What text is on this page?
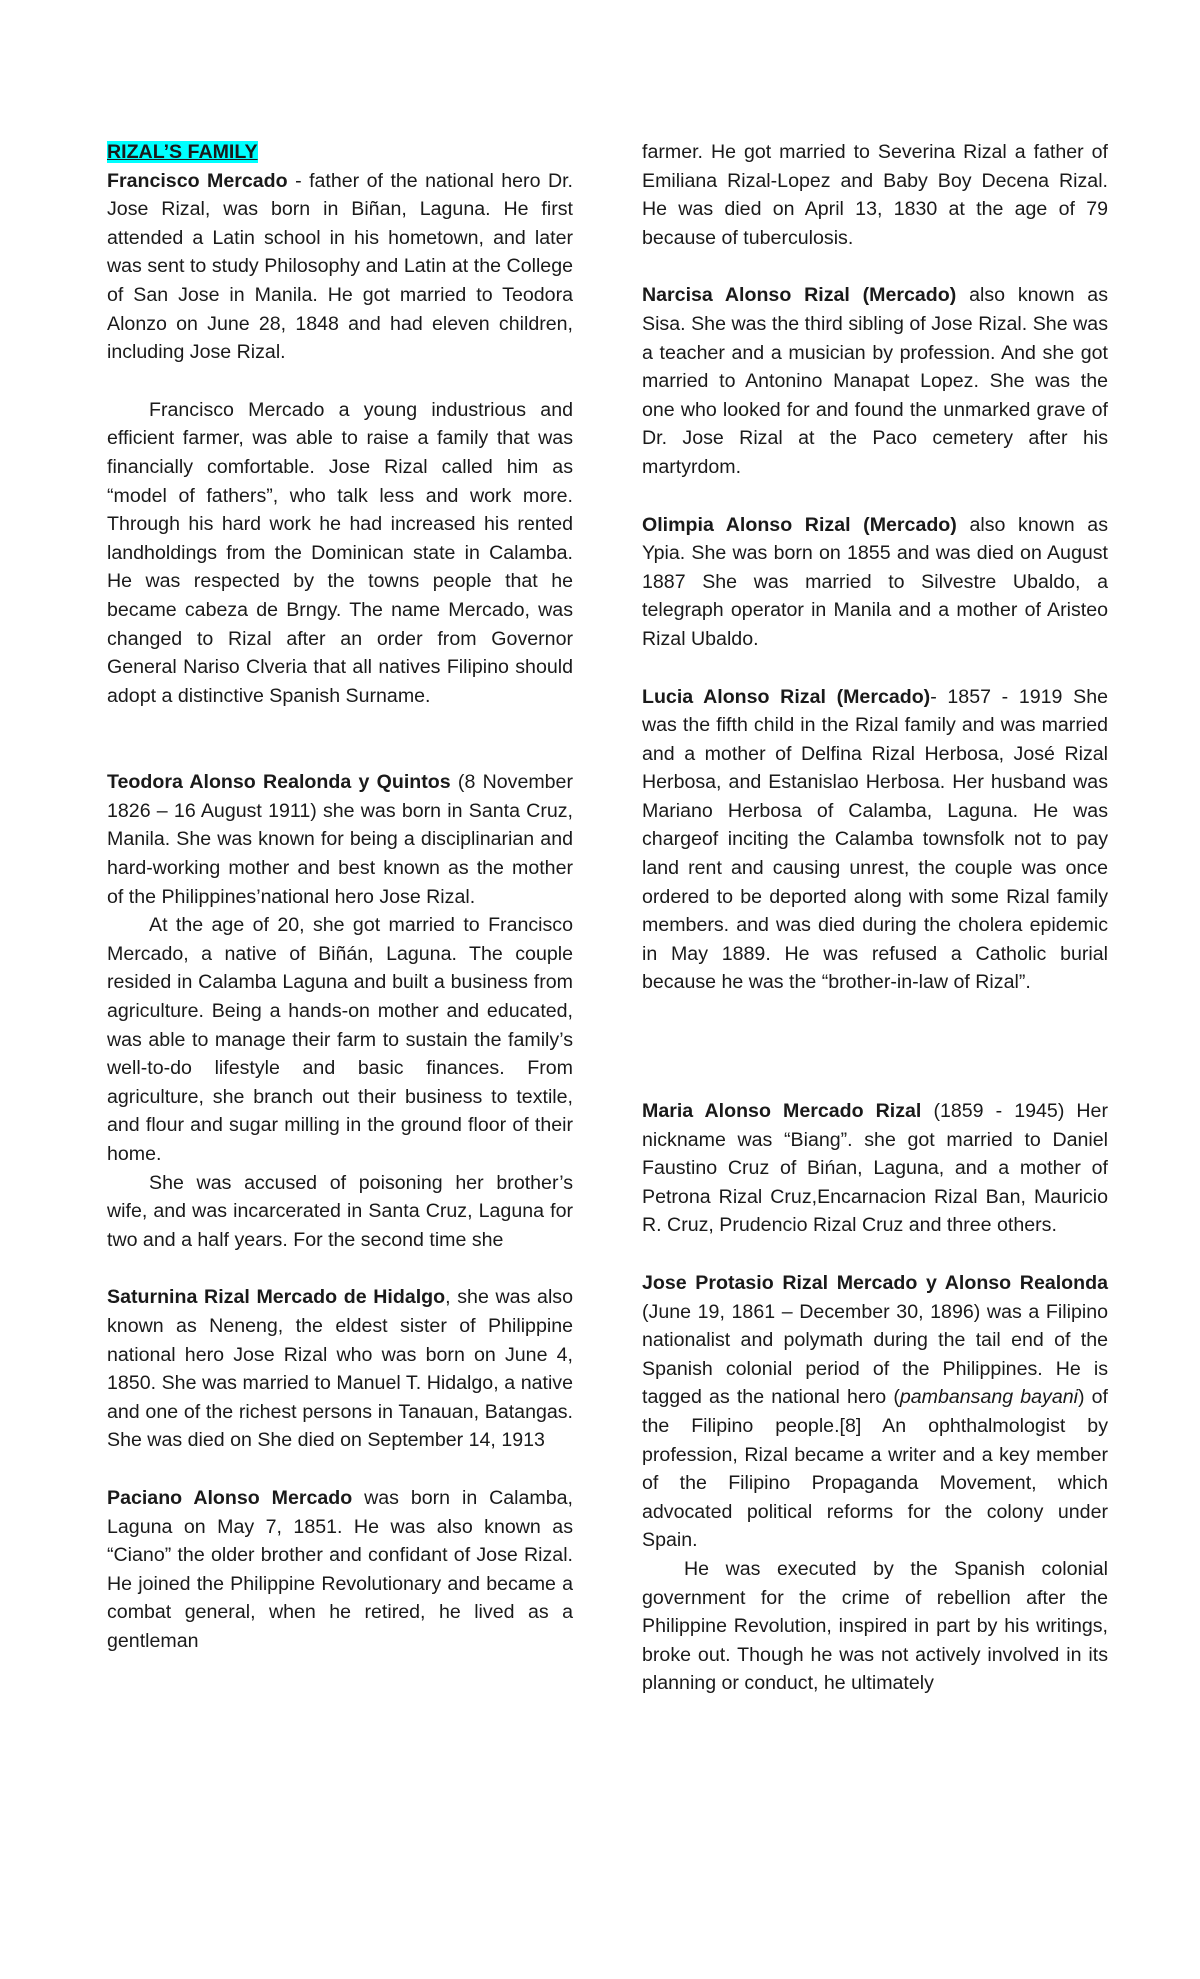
RIZAL’S FAMILY

Francisco Mercado - father of the national hero Dr. Jose Rizal, was born in Biñan, Laguna. He first attended a Latin school in his hometown, and later was sent to study Philosophy and Latin at the College of San Jose in Manila. He got married to Teodora Alonzo on June 28, 1848 and had eleven children, including Jose Rizal.

Francisco Mercado a young industrious and efficient farmer, was able to raise a family that was financially comfortable. Jose Rizal called him as “model of fathers”, who talk less and work more. Through his hard work he had increased his rented landholdings from the Dominican state in Calamba. He was respected by the towns people that he became cabeza de Brngy. The name Mercado, was changed to Rizal after an order from Governor General Nariso Clveria that all natives Filipino should adopt a distinctive Spanish Surname.

Teodora Alonso Realonda y Quintos (8 November 1826 – 16 August 1911) she was born in Santa Cruz, Manila. She was known for being a disciplinarian and hard-working mother and best known as the mother of the Philippines’national hero Jose Rizal.

At the age of 20, she got married to Francisco Mercado, a native of Biñán, Laguna. The couple resided in Calamba Laguna and built a business from agriculture. Being a hands-on mother and educated, was able to manage their farm to sustain the family’s well-to-do lifestyle and basic finances. From agriculture, she branch out their business to textile, and flour and sugar milling in the ground floor of their home.

She was accused of poisoning her brother’s wife, and was incarcerated in Santa Cruz, Laguna for two and a half years. For the second time she

Saturnina Rizal Mercado de Hidalgo, she was also known as Neneng, the eldest sister of Philippine national hero Jose Rizal who was born on June 4, 1850. She was married to Manuel T. Hidalgo, a native and one of the richest persons in Tanauan, Batangas. She was died on She died on September 14, 1913

Paciano Alonso Mercado was born in Calamba, Laguna on May 7, 1851. He was also known as “Ciano” the older brother and confidant of Jose Rizal. He joined the Philippine Revolutionary and became a combat general, when he retired, he lived as a gentleman

farmer. He got married to Severina Rizal a father of Emiliana Rizal-Lopez and Baby Boy Decena Rizal. He was died on April 13, 1830 at the age of 79 because of tuberculosis.

Narcisa Alonso Rizal (Mercado) also known as Sisa. She was the third sibling of Jose Rizal. She was a teacher and a musician by profession. And she got married to Antonino Manapat Lopez. She was the one who looked for and found the unmarked grave of Dr. Jose Rizal at the Paco cemetery after his martyrdom.

Olimpia Alonso Rizal (Mercado) also known as Ypia. She was born on 1855 and was died on August 1887 She was married to Silvestre Ubaldo, a telegraph operator in Manila and a mother of Aristeo Rizal Ubaldo.

Lucia Alonso Rizal (Mercado)- 1857 - 1919 She was the fifth child in the Rizal family and was married and a mother of Delfina Rizal Herbosa, José Rizal Herbosa, and Estanislao Herbosa. Her husband was Mariano Herbosa of Calamba, Laguna. He was chargeof inciting the Calamba townsfolk not to pay land rent and causing unrest, the couple was once ordered to be deported along with some Rizal family members. and was died during the cholera epidemic in May 1889. He was refused a Catholic burial because he was the “brother-in-law of Rizal”.

Maria Alonso Mercado Rizal (1859 - 1945) Her nickname was “Biang”. she got married to Daniel Faustino Cruz of Bińan, Laguna, and a mother of Petrona Rizal Cruz,Encarnacion Rizal Ban, Mauricio R. Cruz, Prudencio Rizal Cruz and three others.

Jose Protasio Rizal Mercado y Alonso Realonda (June 19, 1861 – December 30, 1896) was a Filipino nationalist and polymath during the tail end of the Spanish colonial period of the Philippines. He is tagged as the national hero (pambansang bayani) of the Filipino people.[8] An ophthalmologist by profession, Rizal became a writer and a key member of the Filipino Propaganda Movement, which advocated political reforms for the colony under Spain.

He was executed by the Spanish colonial government for the crime of rebellion after the Philippine Revolution, inspired in part by his writings, broke out. Though he was not actively involved in its planning or conduct, he ultimately
